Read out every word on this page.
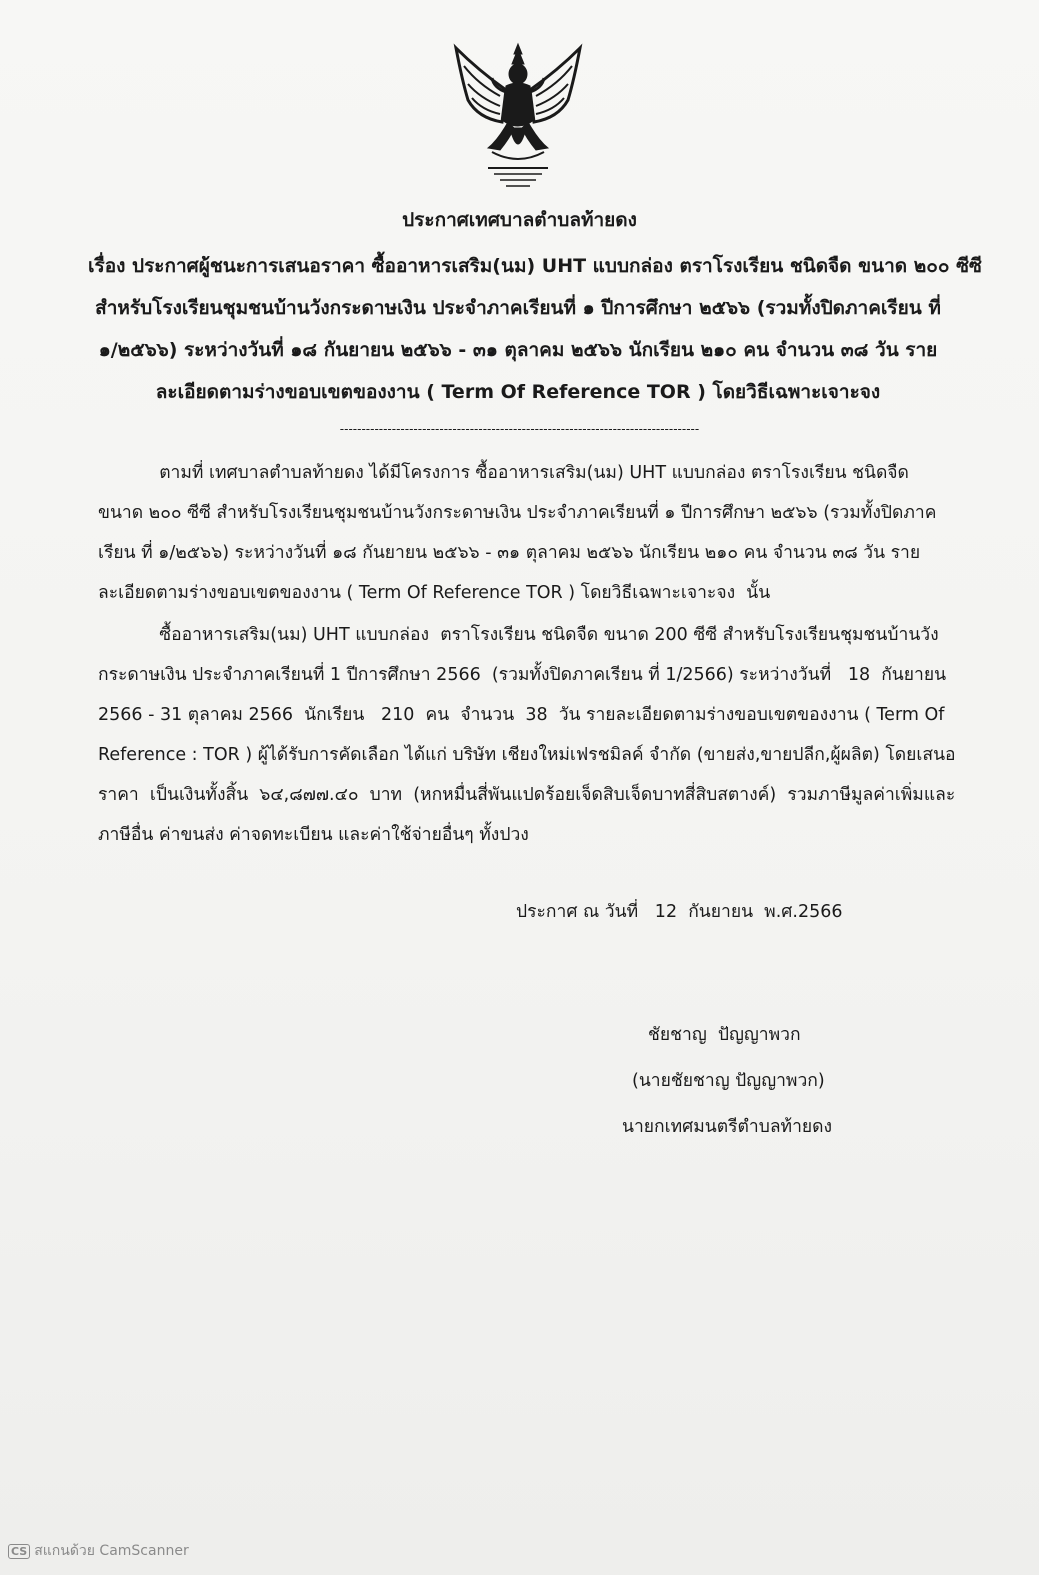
ประกาศเทศบาลตำบลท้ายดง
เรื่อง ประกาศผู้ชนะการเสนอราคา ซื้ออาหารเสริม(นม) UHT แบบกล่อง ตราโรงเรียน ชนิดจืด ขนาด ๒๐๐ ซีซี
สำหรับโรงเรียนชุมชนบ้านวังกระดาษเงิน ประจำภาคเรียนที่ ๑ ปีการศึกษา ๒๕๖๖ (รวมทั้งปิดภาคเรียน ที่
๑/๒๕๖๖) ระหว่างวันที่ ๑๘ กันยายน ๒๕๖๖ - ๓๑ ตุลาคม ๒๕๖๖ นักเรียน ๒๑๐ คน จำนวน ๓๘ วัน ราย
ละเอียดตามร่างขอบเขตของงาน ( Term Of Reference TOR ) โดยวิธีเฉพาะเจาะจง
-----------------------------------------------------------------------------------
ตามที่ เทศบาลตำบลท้ายดง ได้มีโครงการ ซื้ออาหารเสริม(นม) UHT แบบกล่อง ตราโรงเรียน ชนิดจืด
ขนาด ๒๐๐ ซีซี สำหรับโรงเรียนชุมชนบ้านวังกระดาษเงิน ประจำภาคเรียนที่ ๑ ปีการศึกษา ๒๕๖๖ (รวมทั้งปิดภาค
เรียน ที่ ๑/๒๕๖๖) ระหว่างวันที่ ๑๘ กันยายน ๒๕๖๖ - ๓๑ ตุลาคม ๒๕๖๖ นักเรียน ๒๑๐ คน จำนวน ๓๘ วัน ราย
ละเอียดตามร่างขอบเขตของงาน ( Term Of Reference TOR ) โดยวิธีเฉพาะเจาะจง  นั้น
ซื้ออาหารเสริม(นม) UHT แบบกล่อง  ตราโรงเรียน ชนิดจืด ขนาด 200 ซีซี สำหรับโรงเรียนชุมชนบ้านวัง
กระดาษเงิน ประจำภาคเรียนที่ 1 ปีการศึกษา 2566  (รวมทั้งปิดภาคเรียน ที่ 1/2566) ระหว่างวันที่   18  กันยายน
2566 - 31 ตุลาคม 2566  นักเรียน   210  คน  จำนวน  38  วัน รายละเอียดตามร่างขอบเขตของงาน ( Term Of
Reference : TOR ) ผู้ได้รับการคัดเลือก ได้แก่ บริษัท เชียงใหม่เฟรชมิลค์ จำกัด (ขายส่ง,ขายปลีก,ผู้ผลิต) โดยเสนอ
ราคา  เป็นเงินทั้งสิ้น  ๖๔,๘๗๗.๔๐  บาท  (หกหมื่นสี่พันแปดร้อยเจ็ดสิบเจ็ดบาทสี่สิบสตางค์)  รวมภาษีมูลค่าเพิ่มและ
ภาษีอื่น ค่าขนส่ง ค่าจดทะเบียน และค่าใช้จ่ายอื่นๆ ทั้งปวง
ประกาศ ณ วันที่   12  กันยายน  พ.ศ.2566
ชัยชาญ  ปัญญาพวก
(นายชัยชาญ ปัญญาพวก)
นายกเทศมนตรีตำบลท้ายดง
CS สแกนด้วย CamScanner
